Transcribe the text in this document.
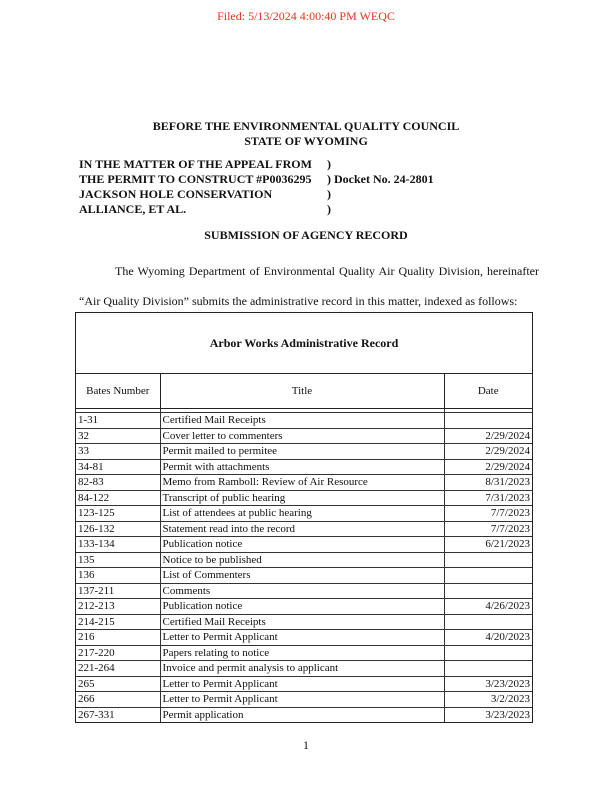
Filed: 5/13/2024 4:00:40 PM WEQC
BEFORE THE ENVIRONMENTAL QUALITY COUNCIL
STATE OF WYOMING
IN THE MATTER OF THE APPEAL FROM	)
THE PERMIT TO CONSTRUCT #P0036295	) Docket No. 24-2801
JACKSON HOLE CONSERVATION	)
ALLIANCE, ET AL.	)
SUBMISSION OF AGENCY RECORD

The Wyoming Department of Environmental Quality Air Quality Division, hereinafter “Air Quality Division” submits the administrative record in this matter, indexed as follows:

Arbor Works Administrative Record
Bates Number	Title	Date

1-31	Certified Mail Receipts	
32	Cover letter to commenters	2/29/2024
33	Permit mailed to permitee	2/29/2024
34-81	Permit with attachments	2/29/2024
82-83	Memo from Ramboll: Review of Air Resource	8/31/2023
84-122	Transcript of public hearing	7/31/2023
123-125	List of attendees at public hearing	7/7/2023
126-132	Statement read into the record	7/7/2023
133-134	Publication notice	6/21/2023
135	Notice to be published	
136	List of Commenters	
137-211	Comments	
212-213	Publication notice	4/26/2023
214-215	Certified Mail Receipts	
216	Letter to Permit Applicant	4/20/2023
217-220	Papers relating to notice	
221-264	Invoice and permit analysis to applicant	
265	Letter to Permit Applicant	3/23/2023
266	Letter to Permit Applicant	3/2/2023
267-331	Permit application	3/23/2023
1
